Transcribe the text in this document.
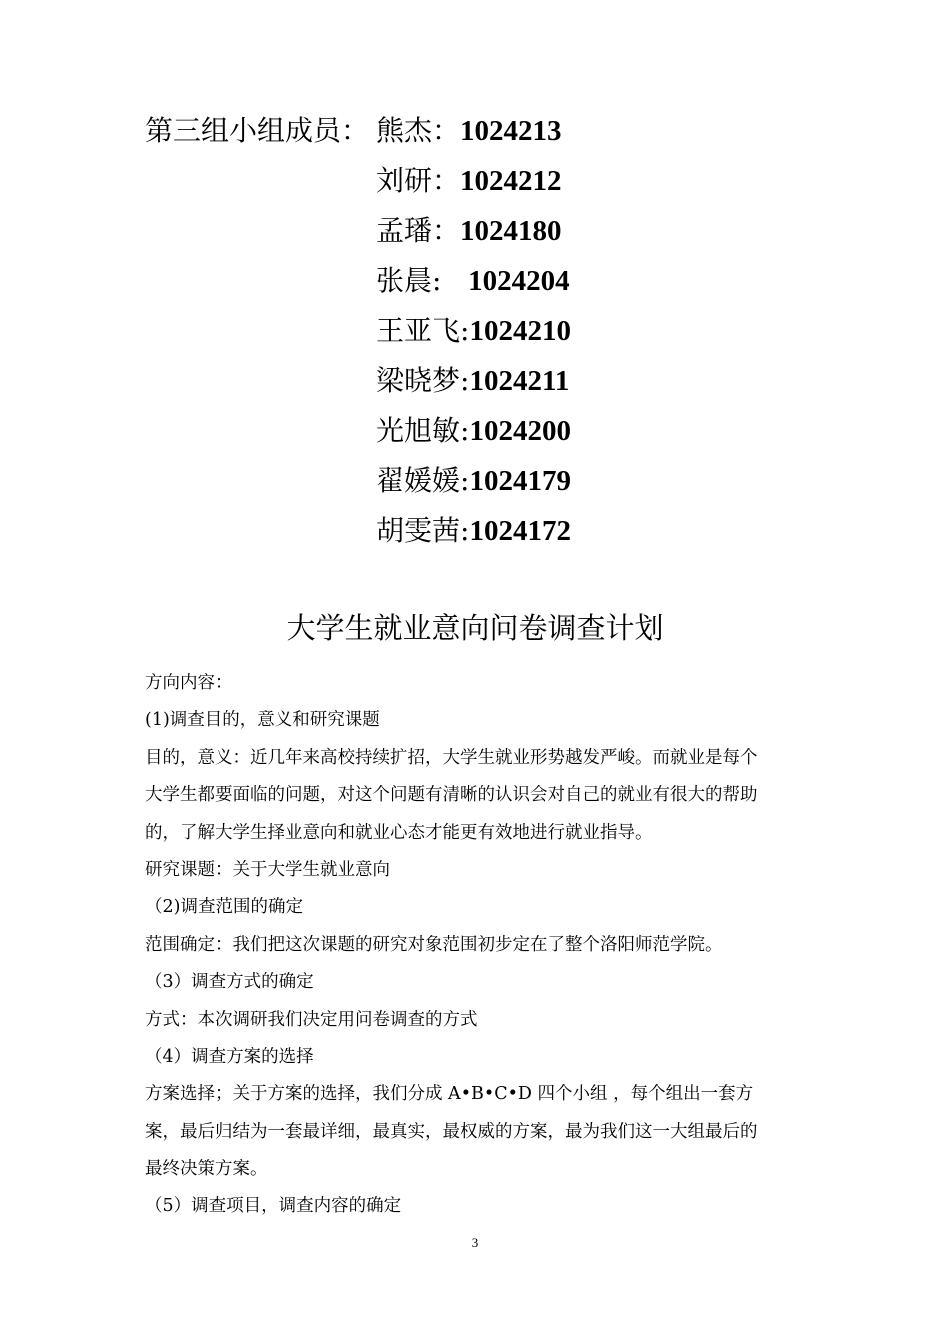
第三组小组成员： 熊杰：1024213
刘研：1024212
孟璠：1024180
张晨:   1024204
王亚飞:1024210
梁晓梦:1024211
光旭敏:1024200
翟媛媛:1024179
胡雯茜:1024172
大学生就业意向问卷调查计划
方向内容：
(1)调查目的，意义和研究课题
目的，意义：近几年来高校持续扩招，大学生就业形势越发严峻。而就业是每个
大学生都要面临的问题，对这个问题有清晰的认识会对自己的就业有很大的帮助
的，了解大学生择业意向和就业心态才能更有效地进行就业指导。
研究课题：关于大学生就业意向
（2)调查范围的确定
范围确定：我们把这次课题的研究对象范围初步定在了整个洛阳师范学院。
（3）调查方式的确定
方式：本次调研我们决定用问卷调查的方式
（4）调查方案的选择
方案选择；关于方案的选择，我们分成 A•B•C•D 四个小组 ，每个组出一套方
案，最后归结为一套最详细，最真实，最权威的方案，最为我们这一大组最后的
最终决策方案。
（5）调查项目，调查内容的确定
3
